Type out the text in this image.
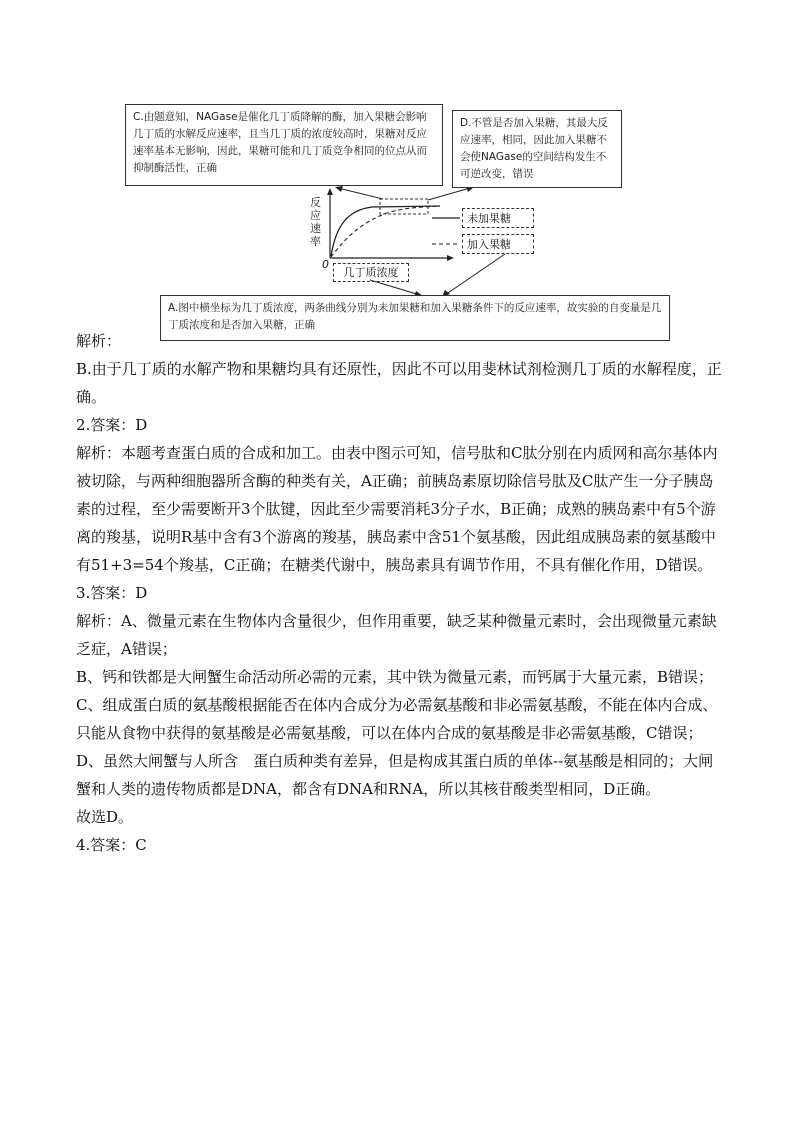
C.由题意知，NAGase是催化几丁质降解的酶，加入果糖会影响几丁质的水解反应速率，且当几丁质的浓度较高时，果糖对反应速率基本无影响，因此，果糖可能和几丁质竞争相同的位点从而抑制酶活性，正确
D.不管是否加入果糖，其最大反应速率，相同，因此加入果糖不会使NAGase的空间结构发生不可逆改变，错误
反应速率
0
几丁质浓度
未加果糖
加入果糖
A.图中横坐标为几丁质浓度，两条曲线分别为未加果糖和加入果糖条件下的反应速率，故实验的自变量是几丁质浓度和是否加入果糖，正确

解析：

B.由于几丁质的水解产物和果糖均具有还原性，因此不可以用斐林试剂检测几丁质的水解程度，正确。

2.答案：D

解析：本题考查蛋白质的合成和加工。由表中图示可知，信号肽和C肽分别在内质网和高尔基体内被切除，与两种细胞器所含酶的种类有关，A正确；前胰岛素原切除信号肽及C肽产生一分子胰岛素的过程，至少需要断开3个肽键，因此至少需要消耗3分子水，B正确；成熟的胰岛素中有5个游离的羧基，说明R基中含有3个游离的羧基，胰岛素中含51个氨基酸，因此组成胰岛素的氨基酸中有51+3=54个羧基，C正确；在糖类代谢中，胰岛素具有调节作用，不具有催化作用，D错误。

3.答案：D

解析：A、微量元素在生物体内含量很少，但作用重要，缺乏某种微量元素时，会出现微量元素缺乏症，A错误；

B、钙和铁都是大闸蟹生命活动所必需的元素，其中铁为微量元素，而钙属于大量元素，B错误；

C、组成蛋白质的氨基酸根据能否在体内合成分为必需氨基酸和非必需氨基酸，不能在体内合成、只能从食物中获得的氨基酸是必需氨基酸，可以在体内合成的氨基酸是非必需氨基酸，C错误；

D、虽然大闸蟹与人所含　蛋白质种类有差异，但是构成其蛋白质的单体--氨基酸是相同的；大闸蟹和人类的遗传物质都是DNA，都含有DNA和RNA，所以其核苷酸类型相同，D正确。

故选D。

4.答案：C
